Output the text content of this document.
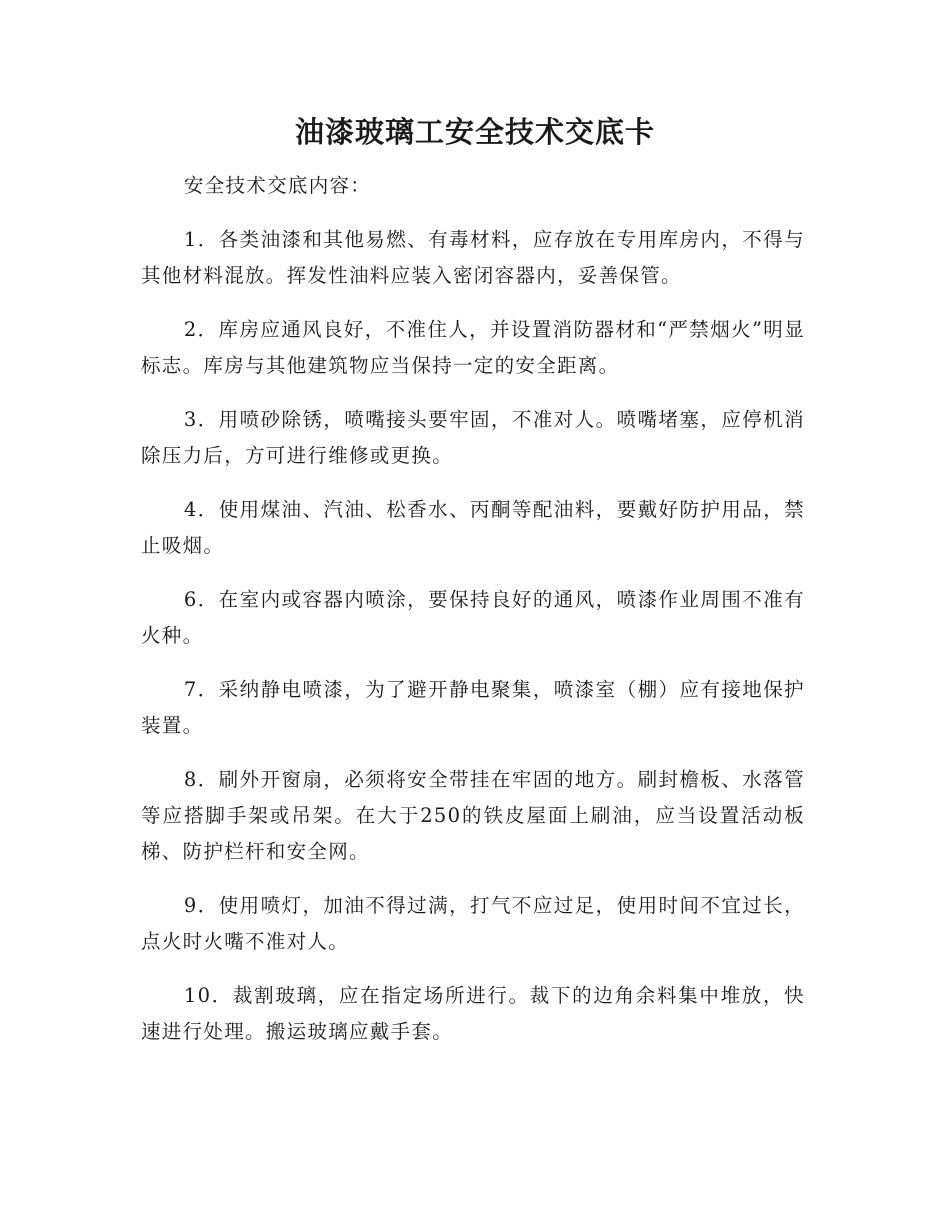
油漆玻璃工安全技术交底卡

安全技术交底内容：

1．各类油漆和其他易燃、有毒材料，应存放在专用库房内，不得与其他材料混放。挥发性油料应装入密闭容器内，妥善保管。

2．库房应通风良好，不准住人，并设置消防器材和“严禁烟火”明显标志。库房与其他建筑物应当保持一定的安全距离。

3．用喷砂除锈，喷嘴接头要牢固，不准对人。喷嘴堵塞，应停机消除压力后，方可进行维修或更换。

4．使用煤油、汽油、松香水、丙酮等配油料，要戴好防护用品，禁止吸烟。

6．在室内或容器内喷涂，要保持良好的通风，喷漆作业周围不准有火种。

7．采纳静电喷漆，为了避开静电聚集，喷漆室（棚）应有接地保护装置。

8．刷外开窗扇，必须将安全带挂在牢固的地方。刷封檐板、水落管等应搭脚手架或吊架。在大于250的铁皮屋面上刷油，应当设置活动板梯、防护栏杆和安全网。

9．使用喷灯，加油不得过满，打气不应过足，使用时间不宜过长，点火时火嘴不准对人。

10．裁割玻璃，应在指定场所进行。裁下的边角余料集中堆放，快速进行处理。搬运玻璃应戴手套。
